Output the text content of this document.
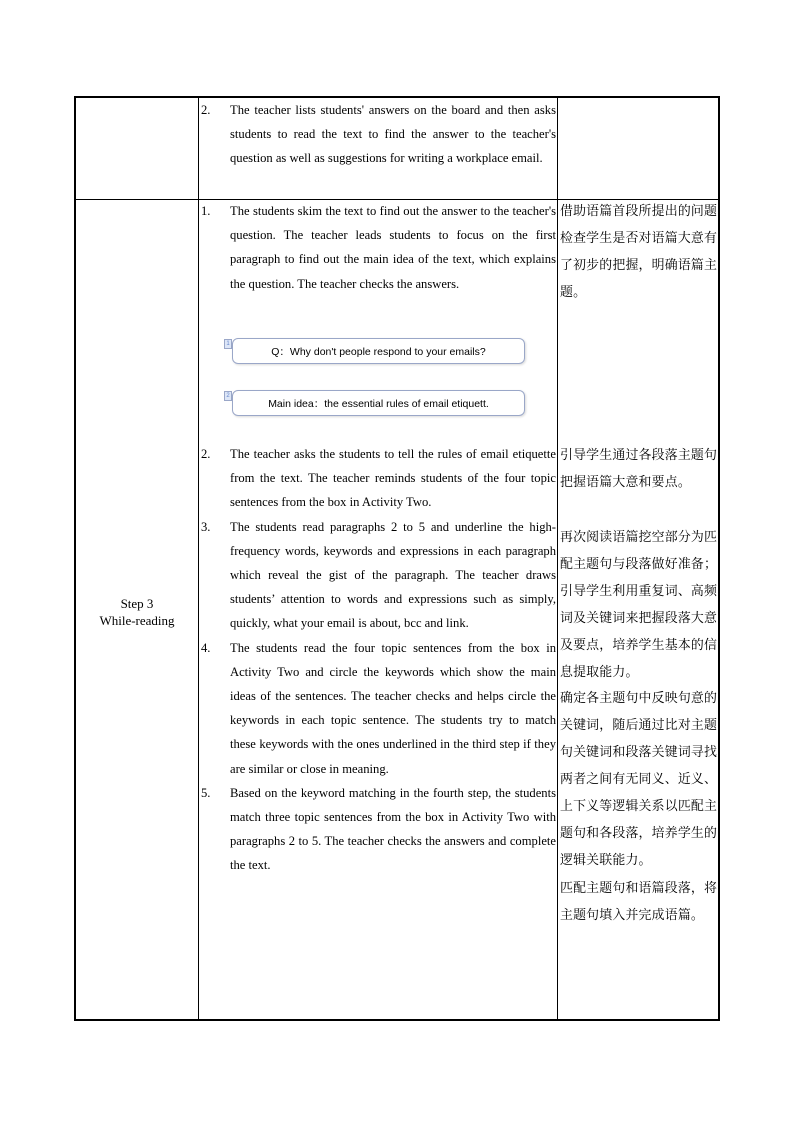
2. The teacher lists students' answers on the board and then asks students to read the text to find the answer to the teacher's question as well as suggestions for writing a workplace email.
Step 3
While-reading
1. The students skim the text to find out the answer to the teacher's question. The teacher leads students to focus on the first paragraph to find out the main idea of the text, which explains the question. The teacher checks the answers.
1
Q：Why don't people respond to your emails?
2
Main idea：the essential rules of email etiquett.
2. The teacher asks the students to tell the rules of email etiquette from the text. The teacher reminds students of the four topic sentences from the box in Activity Two.
3. The students read paragraphs 2 to 5 and underline the high-frequency words, keywords and expressions in each paragraph which reveal the gist of the paragraph. The teacher draws students’ attention to words and expressions such as simply, quickly, what your email is about, bcc and link.
4. The students read the four topic sentences from the box in Activity Two and circle the keywords which show the main ideas of the sentences. The teacher checks and helps circle the keywords in each topic sentence. The students try to match these keywords with the ones underlined in the third step if they are similar or close in meaning.
5. Based on the keyword matching in the fourth step, the students match three topic sentences from the box in Activity Two with paragraphs 2 to 5. The teacher checks the answers and complete the text.
借助语篇首段所提出的问题检查学生是否对语篇大意有了初步的把握，明确语篇主题。
引导学生通过各段落主题句把握语篇大意和要点。
再次阅读语篇挖空部分为匹配主题句与段落做好准备；引导学生利用重复词、高频词及关键词来把握段落大意及要点，培养学生基本的信息提取能力。
确定各主题句中反映句意的关键词，随后通过比对主题句关键词和段落关键词寻找两者之间有无同义、近义、上下义等逻辑关系以匹配主题句和各段落，培养学生的逻辑关联能力。
匹配主题句和语篇段落，将主题句填入并完成语篇。
